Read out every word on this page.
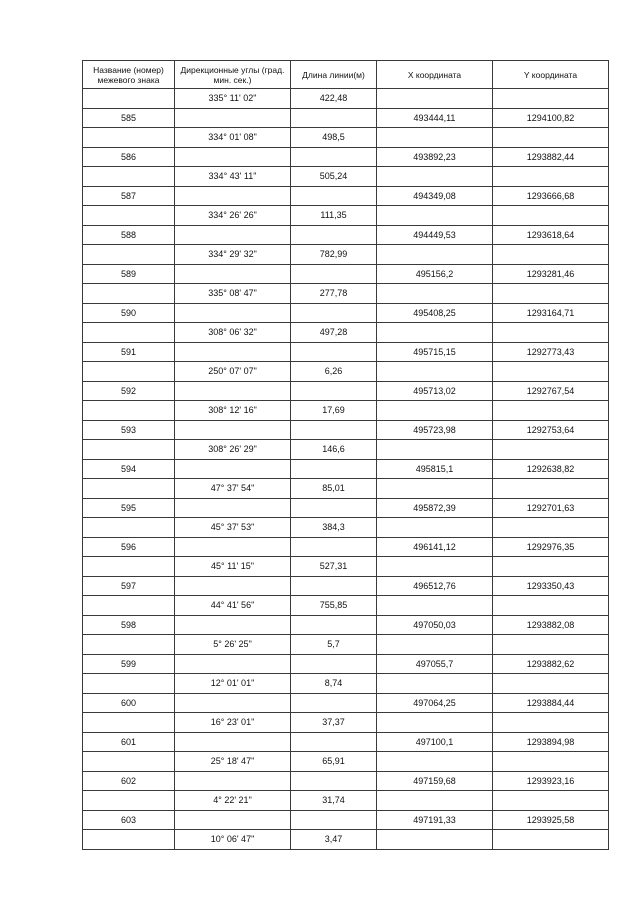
Название (номер) межевого знака	Дирекционные углы (град. мин. сек.)	Длина линии(м)	X координата	Y координата
	335° 11' 02"	422,48		
585			493444,11	1294100,82
	334° 01' 08"	498,5		
586			493892,23	1293882,44
	334° 43' 11"	505,24		
587			494349,08	1293666,68
	334° 26' 26"	111,35		
588			494449,53	1293618,64
	334° 29' 32"	782,99		
589			495156,2	1293281,46
	335° 08' 47"	277,78		
590			495408,25	1293164,71
	308° 06' 32"	497,28		
591			495715,15	1292773,43
	250° 07' 07"	6,26		
592			495713,02	1292767,54
	308° 12' 16"	17,69		
593			495723,98	1292753,64
	308° 26' 29"	146,6		
594			495815,1	1292638,82
	47° 37' 54"	85,01		
595			495872,39	1292701,63
	45° 37' 53"	384,3		
596			496141,12	1292976,35
	45° 11' 15"	527,31		
597			496512,76	1293350,43
	44° 41' 56"	755,85		
598			497050,03	1293882,08
	5° 26' 25"	5,7		
599			497055,7	1293882,62
	12° 01' 01"	8,74		
600			497064,25	1293884,44
	16° 23' 01"	37,37		
601			497100,1	1293894,98
	25° 18' 47"	65,91		
602			497159,68	1293923,16
	4° 22' 21"	31,74		
603			497191,33	1293925,58
	10° 06' 47"	3,47		
